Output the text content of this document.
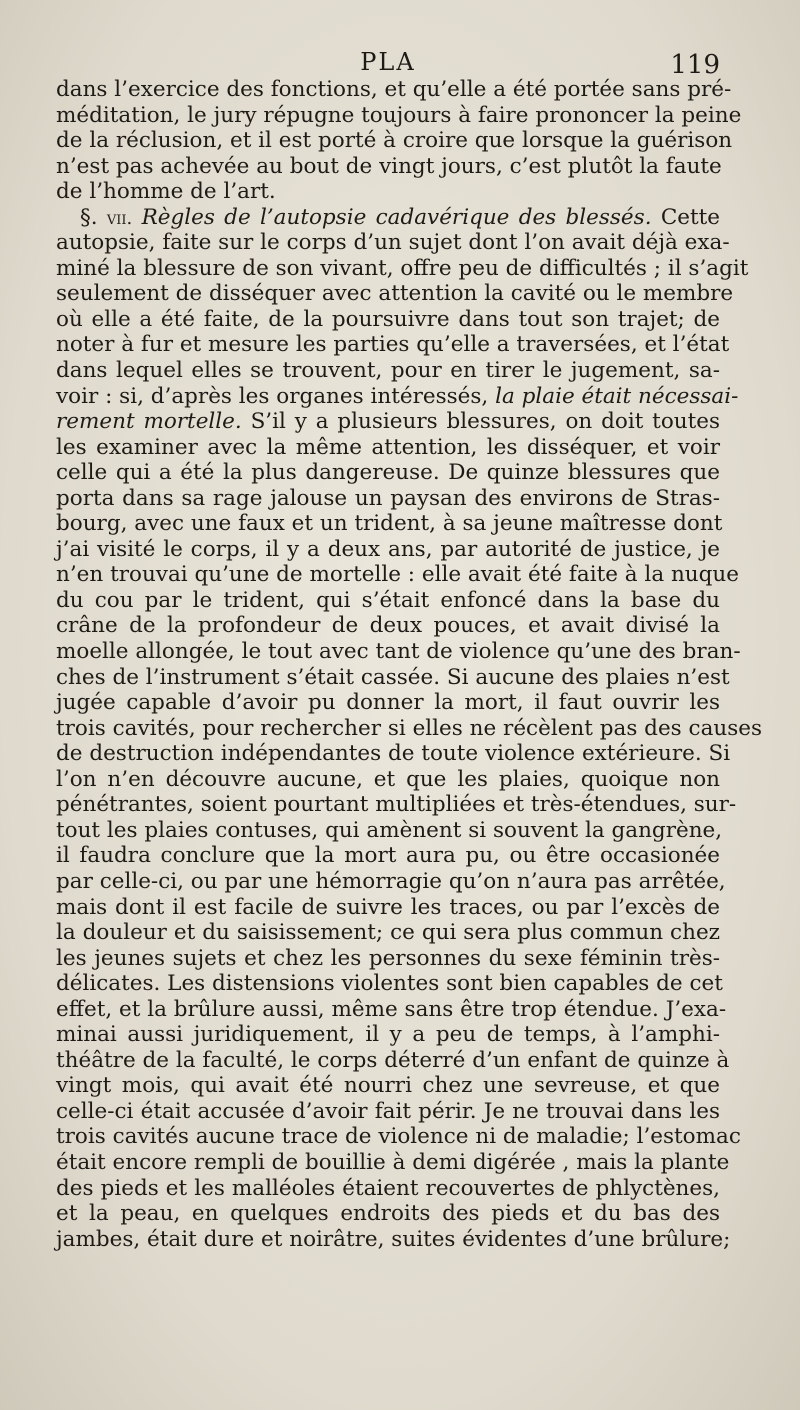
PLA	119
dans l’exercice des fonctions, et qu’elle a été portée sans pré-
méditation, le jury répugne toujours à faire prononcer la peine
de la réclusion, et il est porté à croire que lorsque la guérison
n’est pas achevée au bout de vingt jours, c’est plutôt la faute
de l’homme de l’art.
§. vii. Règles de l’autopsie cadavérique des blessés. Cette
autopsie, faite sur le corps d’un sujet dont l’on avait déjà exa-
miné la blessure de son vivant, offre peu de difficultés ; il s’agit
seulement de disséquer avec attention la cavité ou le membre
où elle a été faite, de la poursuivre dans tout son trajet; de
noter à fur et mesure les parties qu’elle a traversées, et l’état
dans lequel elles se trouvent, pour en tirer le jugement, sa-
voir : si, d’après les organes intéressés, la plaie était nécessai-
rement mortelle. S’il y a plusieurs blessures, on doit toutes
les examiner avec la même attention, les disséquer, et voir
celle qui a été la plus dangereuse. De quinze blessures que
porta dans sa rage jalouse un paysan des environs de Stras-
bourg, avec une faux et un trident, à sa jeune maîtresse dont
j’ai visité le corps, il y a deux ans, par autorité de justice, je
n’en trouvai qu’une de mortelle : elle avait été faite à la nuque
du cou par le trident, qui s’était enfoncé dans la base du
crâne de la profondeur de deux pouces, et avait divisé la
moelle allongée, le tout avec tant de violence qu’une des bran-
ches de l’instrument s’était cassée. Si aucune des plaies n’est
jugée capable d’avoir pu donner la mort, il faut ouvrir les
trois cavités, pour rechercher si elles ne récèlent pas des causes
de destruction indépendantes de toute violence extérieure. Si
l’on n’en découvre aucune, et que les plaies, quoique non
pénétrantes, soient pourtant multipliées et très-étendues, sur-
tout les plaies contuses, qui amènent si souvent la gangrène,
il faudra conclure que la mort aura pu, ou être occasionée
par celle-ci, ou par une hémorragie qu’on n’aura pas arrêtée,
mais dont il est facile de suivre les traces, ou par l’excès de
la douleur et du saisissement; ce qui sera plus commun chez
les jeunes sujets et chez les personnes du sexe féminin très-
délicates. Les distensions violentes sont bien capables de cet
effet, et la brûlure aussi, même sans être trop étendue. J’exa-
minai aussi juridiquement, il y a peu de temps, à l’amphi-
théâtre de la faculté, le corps déterré d’un enfant de quinze à
vingt mois, qui avait été nourri chez une sevreuse, et que
celle-ci était accusée d’avoir fait périr. Je ne trouvai dans les
trois cavités aucune trace de violence ni de maladie; l’estomac
était encore rempli de bouillie à demi digérée , mais la plante
des pieds et les malléoles étaient recouvertes de phlyctènes,
et la peau, en quelques endroits des pieds et du bas des
jambes, était dure et noirâtre, suites évidentes d’une brûlure;
